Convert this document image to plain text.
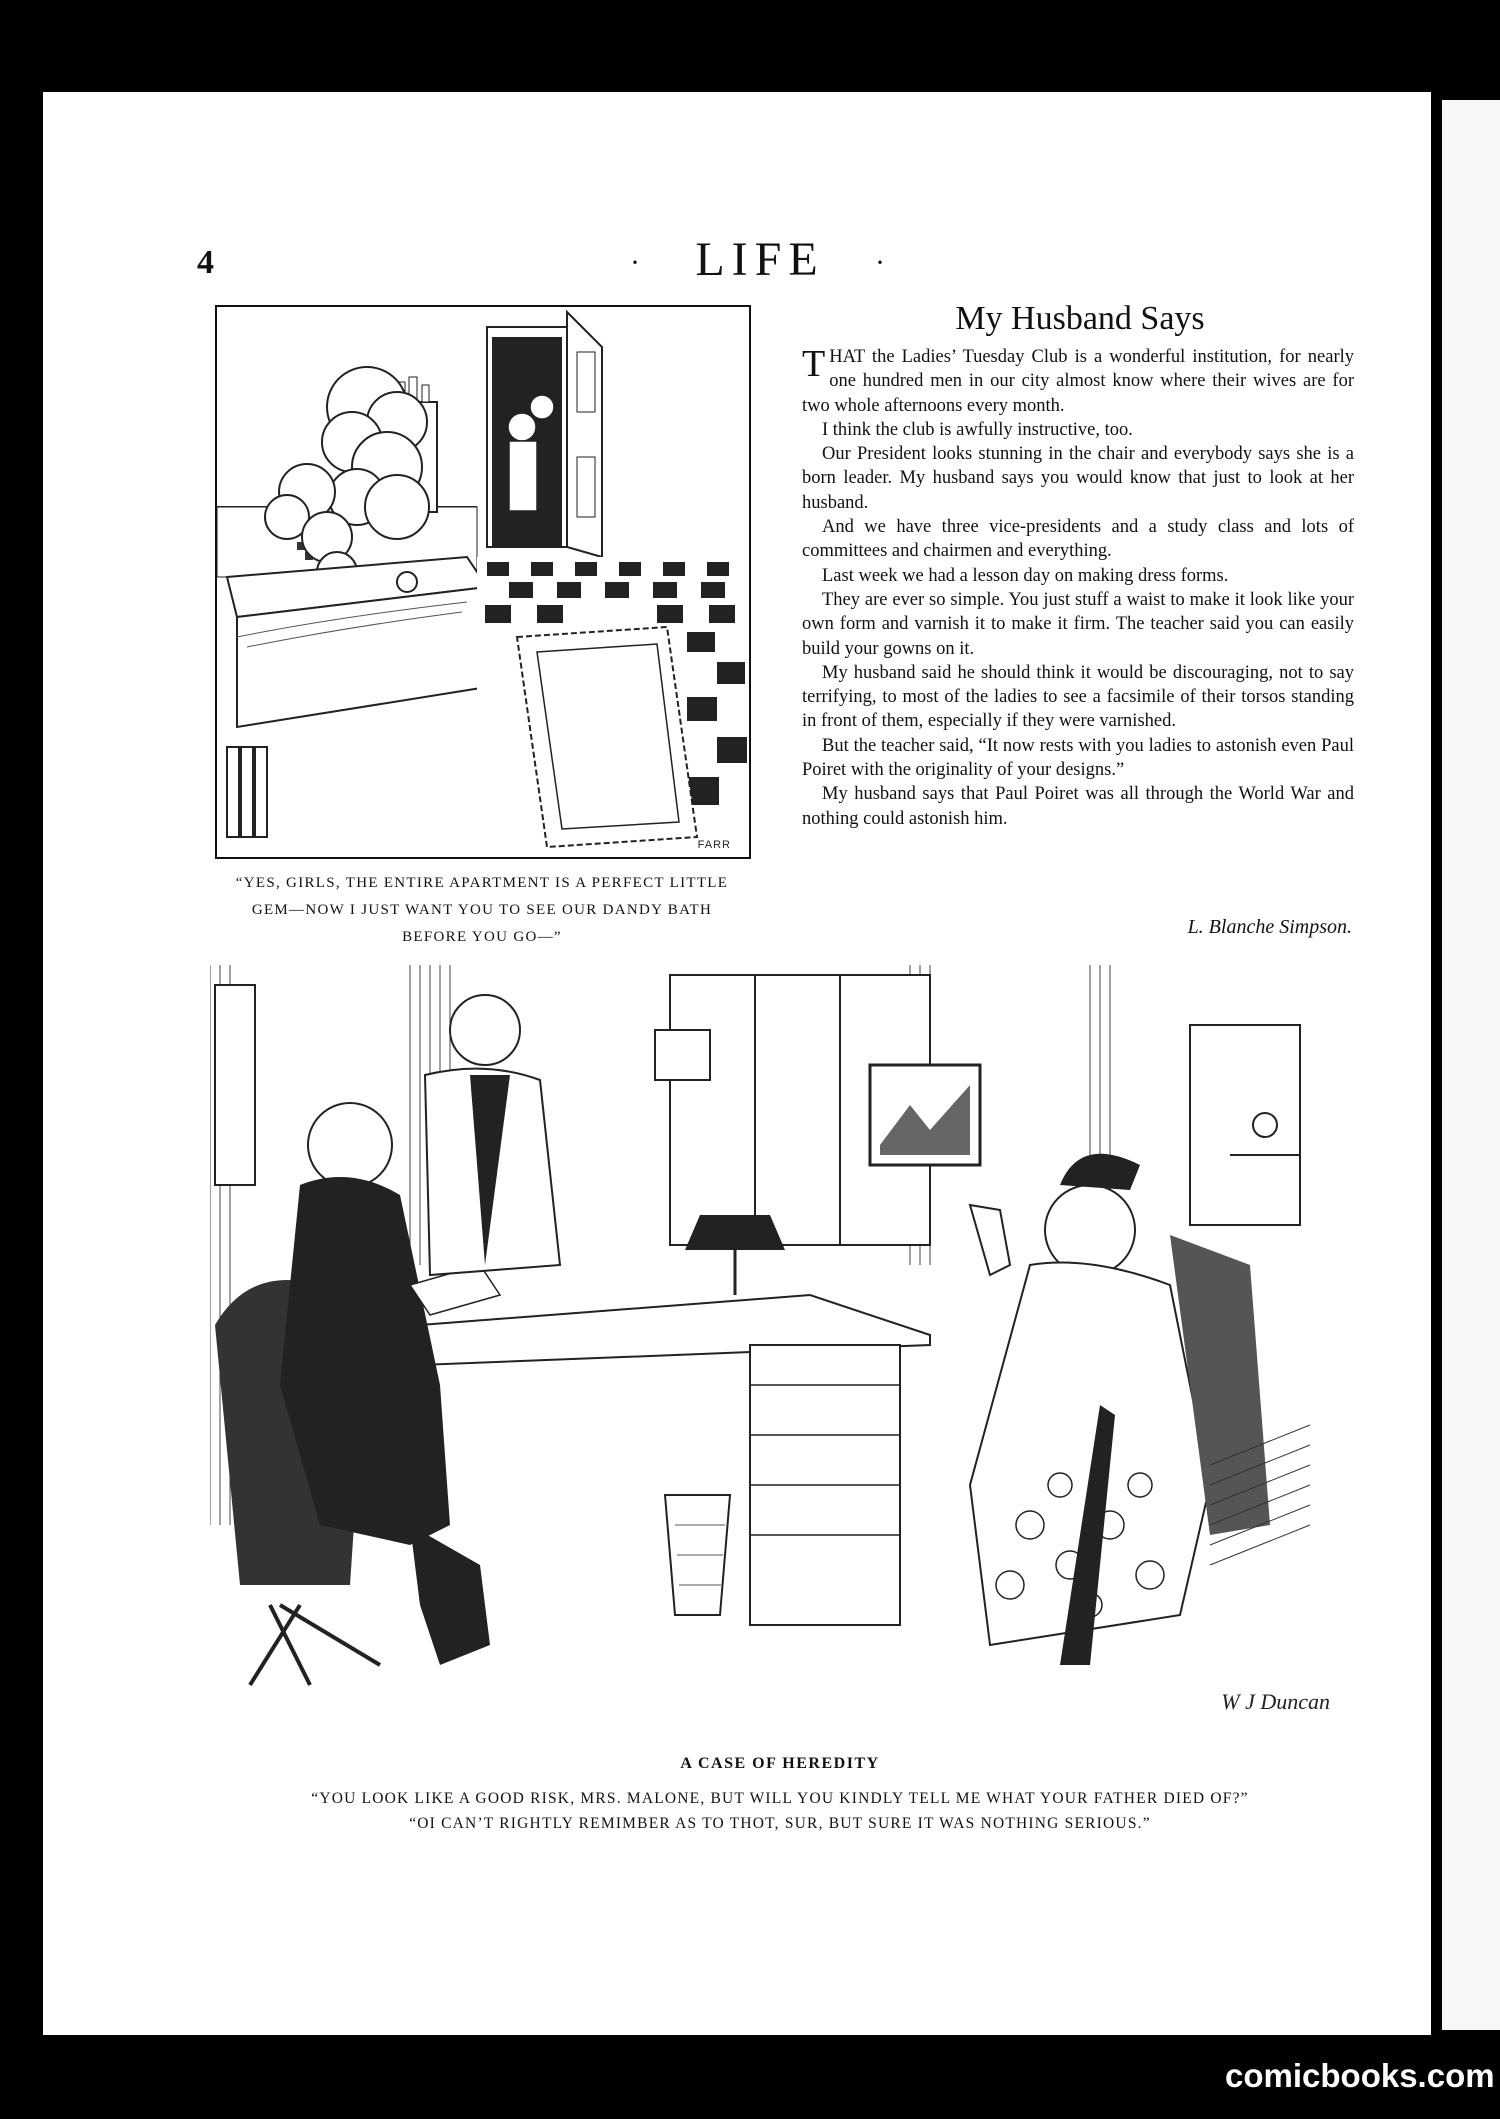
4	·	LIFE	·
FARR
“YES, GIRLS, THE ENTIRE APARTMENT IS A PERFECT LITTLE
GEM—NOW I JUST WANT YOU TO SEE OUR DANDY BATH
BEFORE YOU GO—”
My Husband Says

THAT the Ladies’ Tuesday Club is a wonderful institution, for nearly one hundred men in our city almost know where their wives are for two whole afternoons every month.

I think the club is awfully instructive, too.

Our President looks stunning in the chair and everybody says she is a born leader. My husband says you would know that just to look at her husband.

And we have three vice-presidents and a study class and lots of committees and chairmen and everything.

Last week we had a lesson day on making dress forms.

They are ever so simple. You just stuff a waist to make it look like your own form and varnish it to make it firm. The teacher said you can easily build your gowns on it.

My husband said he should think it would be discouraging, not to say terrifying, to most of the ladies to see a facsimile of their torsos standing in front of them, especially if they were varnished.

But the teacher said, “It now rests with you ladies to astonish even Paul Poiret with the originality of your designs.”

My husband says that Paul Poiret was all through the World War and nothing could astonish him.

L. Blanche Simpson.
W J Duncan
A CASE OF HEREDITY
“YOU LOOK LIKE A GOOD RISK, MRS. MALONE, BUT WILL YOU KINDLY TELL ME WHAT YOUR FATHER DIED OF?”
“OI CAN’T RIGHTLY REMIMBER AS TO THOT, SUR, BUT SURE IT WAS NOTHING SERIOUS.”
comicbooks.com
